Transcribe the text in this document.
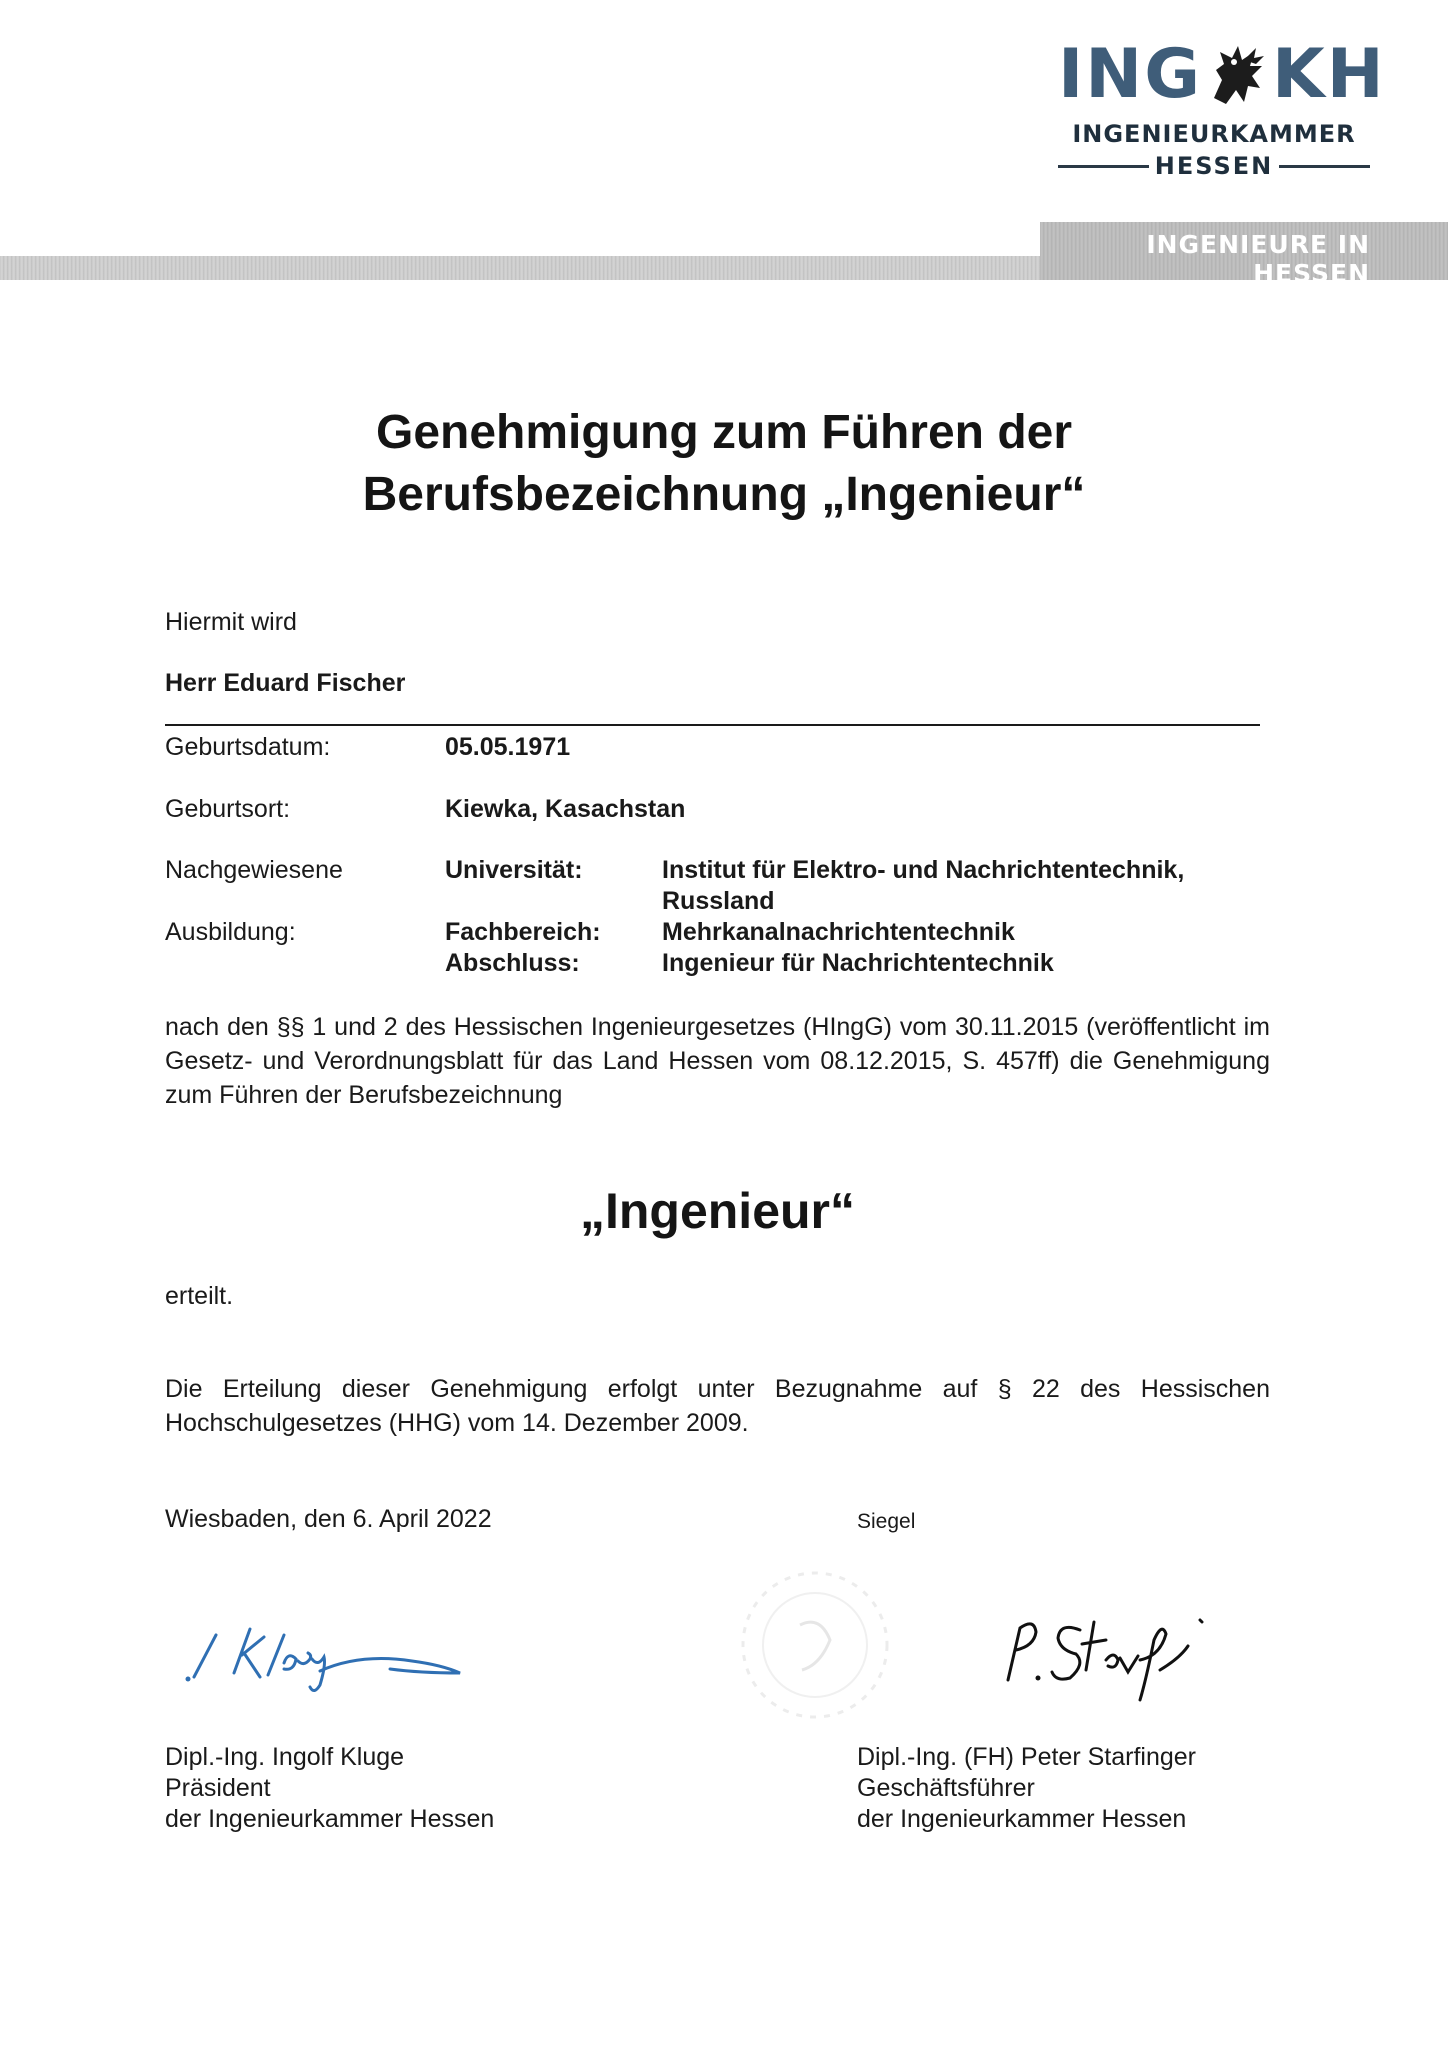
ING KH
INGENIEURKAMMER
HESSEN
INGENIEURE IN HESSEN
Genehmigung zum Führen der
Berufsbezeichnung „Ingenieur“
Hiermit wird
Herr Eduard Fischer
Geburtsdatum:	05.05.1971
Geburtsort:	Kiewka, Kasachstan
Nachgewiesene
Ausbildung:
Universität:	Institut für Elektro- und Nachrichtentechnik,
Russland
Fachbereich: Mehrkanalnachrichtentechnik
Abschluss:	Ingenieur für Nachrichtentechnik
nach den §§ 1 und 2 des Hessischen Ingenieurgesetzes (HIngG) vom 30.11.2015 (veröffentlicht im Gesetz- und Verordnungsblatt für das Land Hessen vom 08.12.2015, S. 457ff) die Genehmigung zum Führen der Berufsbezeichnung
„Ingenieur“
erteilt.
Die Erteilung dieser Genehmigung erfolgt unter Bezugnahme auf § 22 des Hessischen Hochschulgesetzes (HHG) vom 14. Dezember 2009.
Wiesbaden, den 6. April 2022	Siegel
Dipl.-Ing. Ingolf Kluge
Präsident
der Ingenieurkammer Hessen
Dipl.-Ing. (FH) Peter Starfinger
Geschäftsführer
der Ingenieurkammer Hessen
